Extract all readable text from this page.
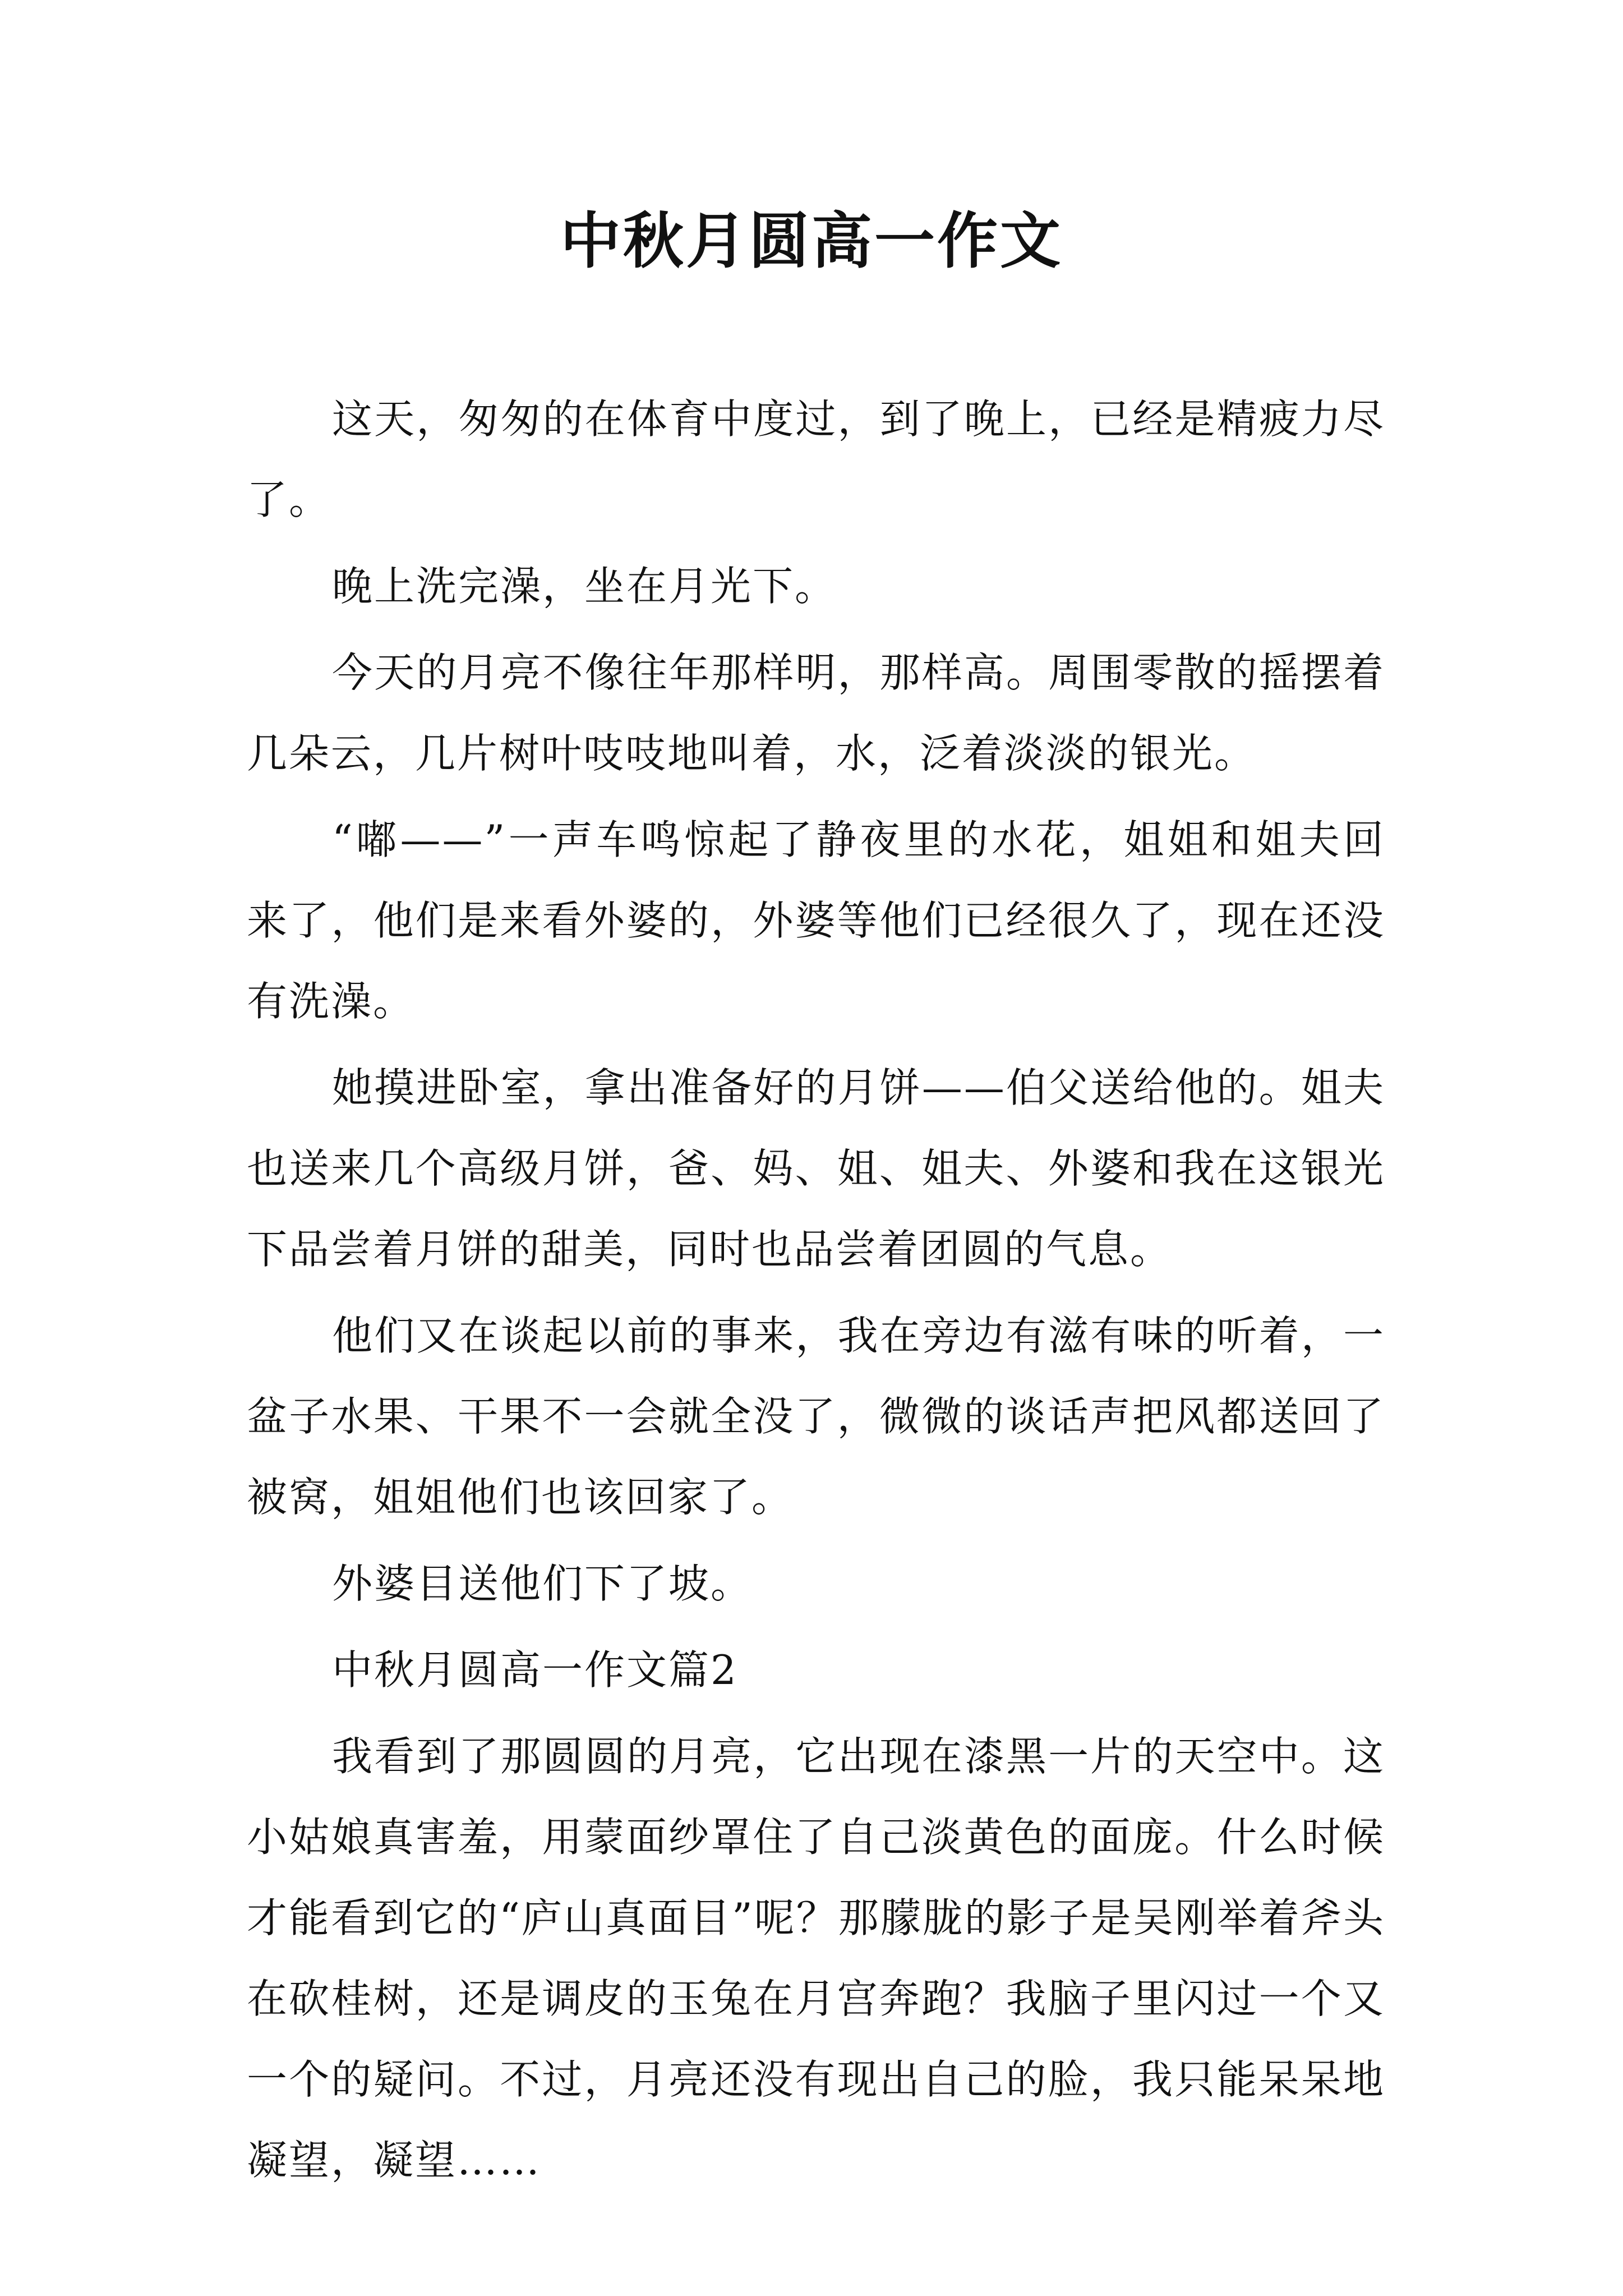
中秋月圆高一作文

这天，匆匆的在体育中度过，到了晚上，已经是精疲力尽了。

晚上洗完澡，坐在月光下。

今天的月亮不像往年那样明，那样高。周围零散的摇摆着几朵云，几片树叶吱吱地叫着，水，泛着淡淡的银光。

“嘟——”一声车鸣惊起了静夜里的水花，姐姐和姐夫回来了，他们是来看外婆的，外婆等他们已经很久了，现在还没有洗澡。

她摸进卧室，拿出准备好的月饼——伯父送给他的。姐夫也送来几个高级月饼，爸、妈、姐、姐夫、外婆和我在这银光下品尝着月饼的甜美，同时也品尝着团圆的气息。

他们又在谈起以前的事来，我在旁边有滋有味的听着，一盆子水果、干果不一会就全没了，微微的谈话声把风都送回了被窝，姐姐他们也该回家了。

外婆目送他们下了坡。

中秋月圆高一作文篇2

我看到了那圆圆的月亮，它出现在漆黑一片的天空中。这小姑娘真害羞，用蒙面纱罩住了自己淡黄色的面庞。什么时候才能看到它的“庐山真面目”呢？那朦胧的影子是吴刚举着斧头在砍桂树，还是调皮的玉兔在月宫奔跑？我脑子里闪过一个又一个的疑问。不过，月亮还没有现出自己的脸，我只能呆呆地凝望，凝望……
